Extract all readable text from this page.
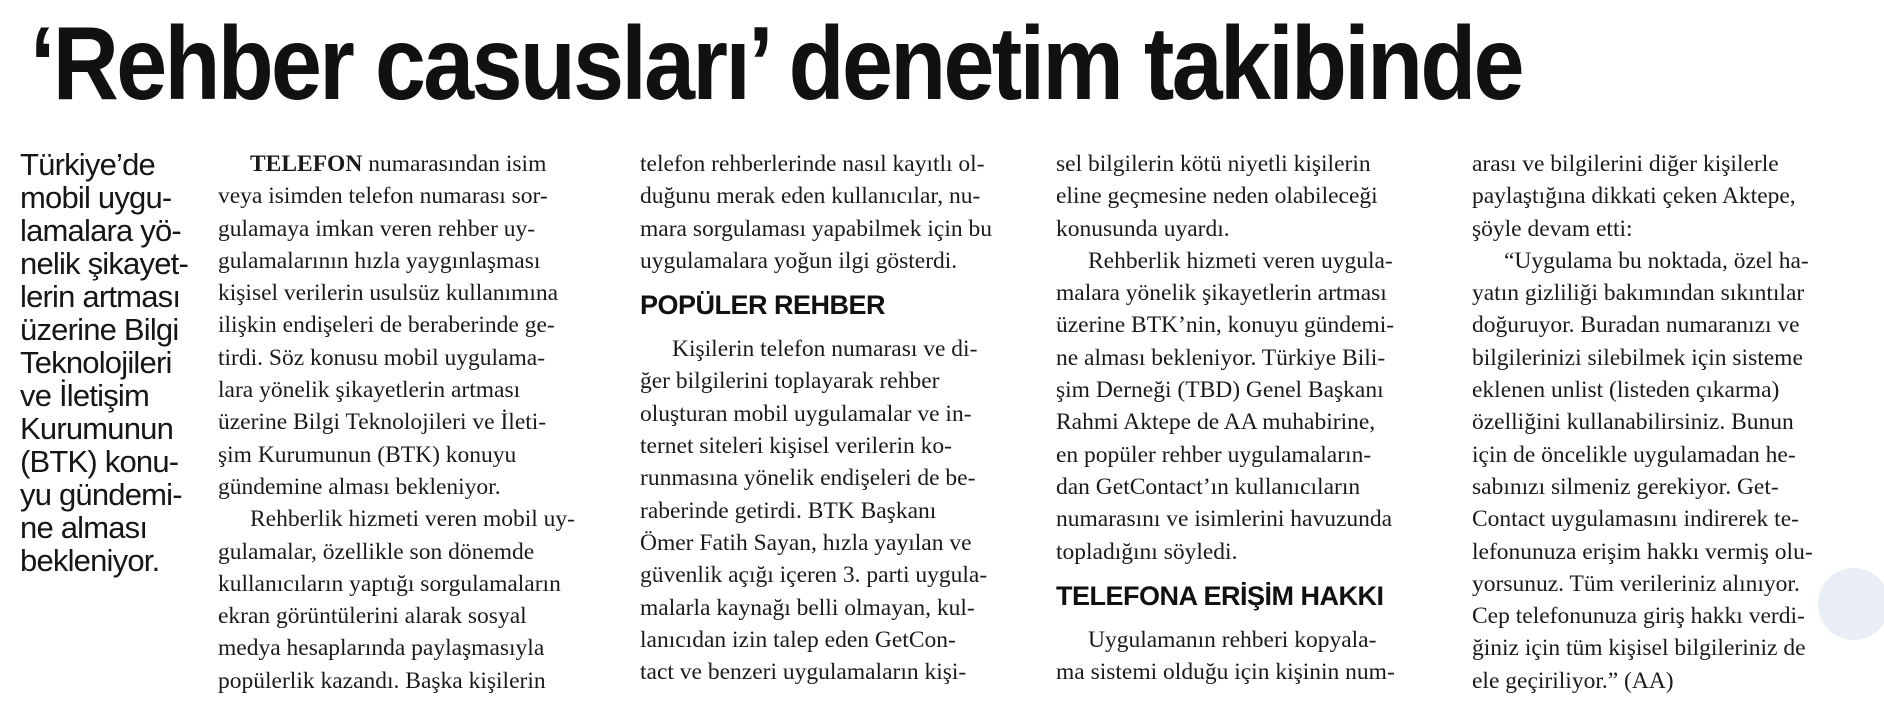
‘Rehber casusları’ denetim takibinde
Türkiye’de
mobil uygu-
lamalara yö-
nelik şikayet-
lerin artması
üzerine Bilgi
Teknolojileri
ve İletişim
Kurumunun
(BTK) konu-
yu gündemi-
ne alması
bekleniyor.
TELEFON numarasından isim
veya isimden telefon numarası sor-
gulamaya imkan veren rehber uy-
gulamalarının hızla yaygınlaşması
kişisel verilerin usulsüz kullanımına
ilişkin endişeleri de beraberinde ge-
tirdi. Söz konusu mobil uygulama-
lara yönelik şikayetlerin artması
üzerine Bilgi Teknolojileri ve İleti-
şim Kurumunun (BTK) konuyu
gündemine alması bekleniyor.
Rehberlik hizmeti veren mobil uy-
gulamalar, özellikle son dönemde
kullanıcıların yaptığı sorgulamaların
ekran görüntülerini alarak sosyal
medya hesaplarında paylaşmasıyla
popülerlik kazandı. Başka kişilerin
telefon rehberlerinde nasıl kayıtlı ol-
duğunu merak eden kullanıcılar, nu-
mara sorgulaması yapabilmek için bu
uygulamalara yoğun ilgi gösterdi.
POPÜLER REHBER
Kişilerin telefon numarası ve di-
ğer bilgilerini toplayarak rehber
oluşturan mobil uygulamalar ve in-
ternet siteleri kişisel verilerin ko-
runmasına yönelik endişeleri de be-
raberinde getirdi. BTK Başkanı
Ömer Fatih Sayan, hızla yayılan ve
güvenlik açığı içeren 3. parti uygula-
malarla kaynağı belli olmayan, kul-
lanıcıdan izin talep eden GetCon-
tact ve benzeri uygulamaların kişi-
sel bilgilerin kötü niyetli kişilerin
eline geçmesine neden olabileceği
konusunda uyardı.
Rehberlik hizmeti veren uygula-
malara yönelik şikayetlerin artması
üzerine BTK’nin, konuyu gündemi-
ne alması bekleniyor. Türkiye Bili-
şim Derneği (TBD) Genel Başkanı
Rahmi Aktepe de AA muhabirine,
en popüler rehber uygulamaların-
dan GetContact’ın kullanıcıların
numarasını ve isimlerini havuzunda
topladığını söyledi.
TELEFONA ERİŞİM HAKKI
Uygulamanın rehberi kopyala-
ma sistemi olduğu için kişinin num-
arası ve bilgilerini diğer kişilerle
paylaştığına dikkati çeken Aktepe,
şöyle devam etti:
“Uygulama bu noktada, özel ha-
yatın gizliliği bakımından sıkıntılar
doğuruyor. Buradan numaranızı ve
bilgilerinizi silebilmek için sisteme
eklenen unlist (listeden çıkarma)
özelliğini kullanabilirsiniz. Bunun
için de öncelikle uygulamadan he-
sabınızı silmeniz gerekiyor. Get-
Contact uygulamasını indirerek te-
lefonunuza erişim hakkı vermiş olu-
yorsunuz. Tüm verileriniz alınıyor.
Cep telefonunuza giriş hakkı verdi-
ğiniz için tüm kişisel bilgileriniz de
ele geçiriliyor.” (AA)
